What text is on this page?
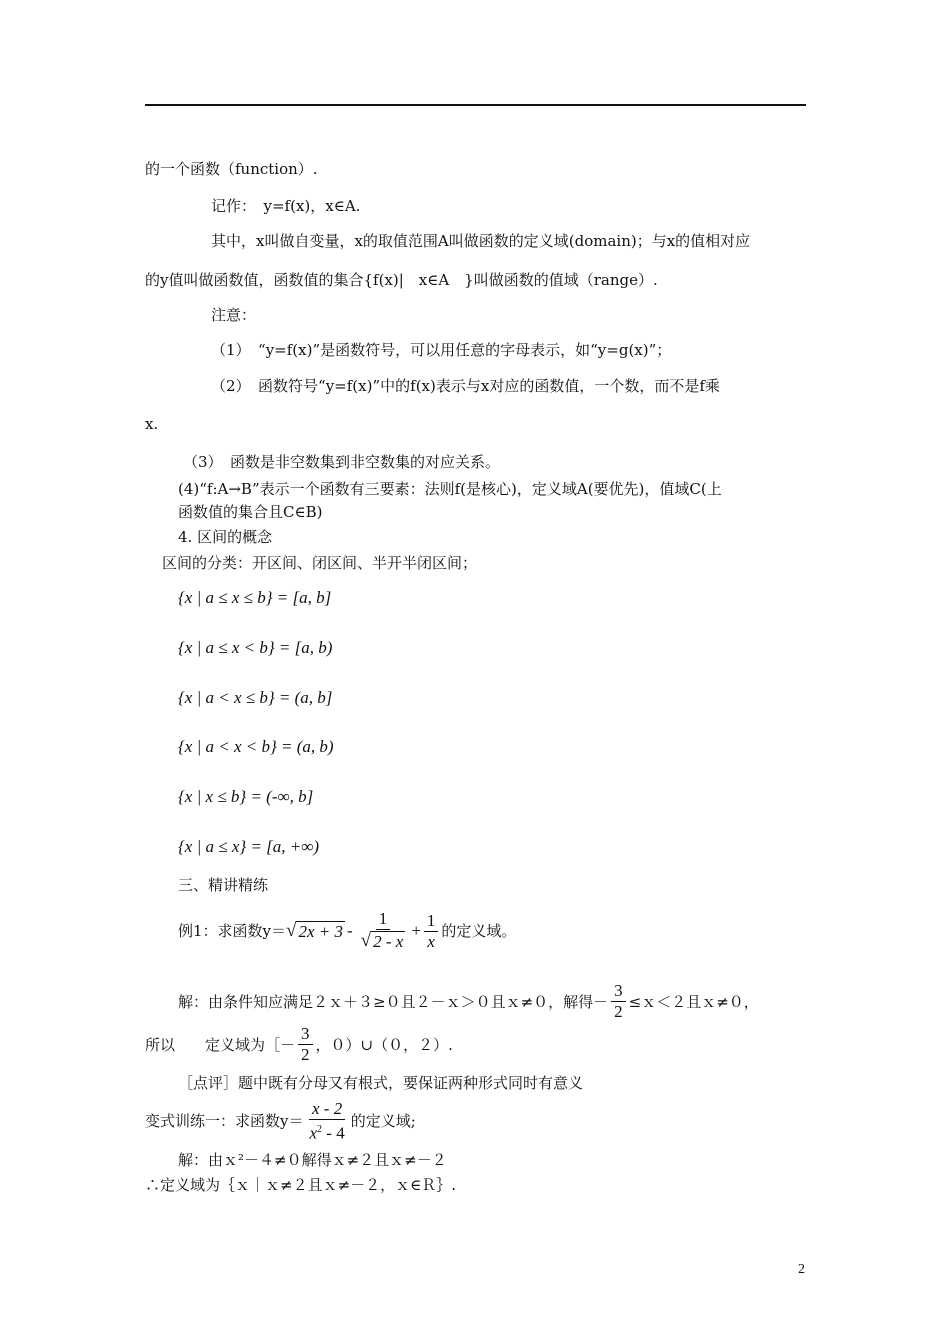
的一个函数（function）.
记作：　y=f(x)，x∈A.
其中，x叫做自变量，x的取值范围A叫做函数的定义域(domain)；与x的值相对应
的y值叫做函数值，函数值的集合{f(x)|　x∈A　}叫做函数的值域（range）.
注意：
（1）　“y=f(x)”是函数符号，可以用任意的字母表示，如“y=g(x)”；
（2）　函数符号“y=f(x)”中的f(x)表示与x对应的函数值，一个数，而不是f乘
x.
（3）　函数是非空数集到非空数集的对应关系。
(4)“f:A→B”表示一个函数有三要素：法则f(是核心)，定义域A(要优先)，值域C(上
函数值的集合且C∈B)
4. 区间的概念
区间的分类：开区间、闭区间、半开半闭区间；
{x | a ≤ x ≤ b} = [a, b]
{x | a ≤ x < b} = [a, b)
{x | a < x ≤ b} = (a, b]
{x | a < x < b} = (a, b)
{x | x ≤ b} = (-∞, b]
{x | a ≤ x} = [a, +∞)
三、精讲精练
例1：求函数y＝ √ $2x + 3 - \frac{1}{√ 2 - x} + \frac{1}{x}$ 的定义域。
解：由条件知应满足２ｘ＋３≥０且２－ｘ＞０且ｘ≠０，解得－ $\frac{3}{2}$ ≤ｘ＜２且ｘ≠０，
所以　　定义域为［－ $\frac{3}{2}$ ，０）∪（０，２）.
［点评］题中既有分母又有根式，要保证两种形式同时有意义
变式训练一：求函数$y= \frac{x - 2}{x^2 - 4}$ 的定义域;
解：由ｘ²－４≠０解得ｘ≠２且ｘ≠－２
∴定义域为｛ｘ｜ｘ≠２且ｘ≠－２，ｘ∈Ｒ｝.
2
